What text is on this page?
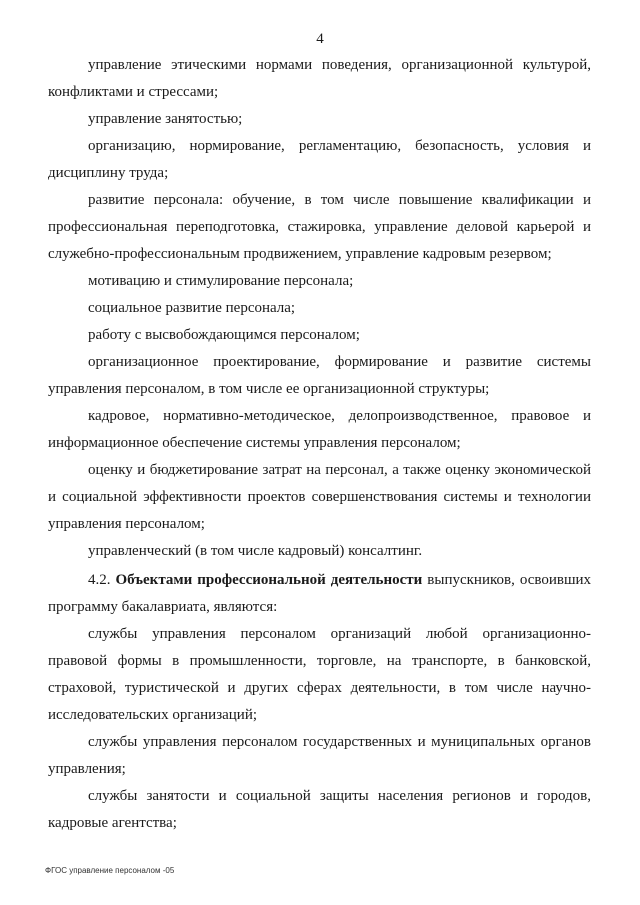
4

управление этическими нормами поведения, организационной культурой, конфликтами и стрессами;

управление занятостью;

организацию, нормирование, регламентацию, безопасность, условия и дисциплину труда;

развитие персонала: обучение, в том числе повышение квалификации и профессиональная переподготовка, стажировка, управление деловой карьерой и служебно-профессиональным продвижением, управление кадровым резервом;

мотивацию и стимулирование персонала;

социальное развитие персонала;

работу с высвобождающимся персоналом;

организационное проектирование, формирование и развитие системы управления персоналом, в том числе ее организационной структуры;

кадровое, нормативно-методическое, делопроизводственное, правовое и информационное обеспечение системы управления персоналом;

оценку и бюджетирование затрат на персонал, а также оценку экономической и социальной эффективности проектов совершенствования системы и технологии управления персоналом;

управленческий (в том числе кадровый) консалтинг.

4.2. Объектами профессиональной деятельности выпускников, освоивших программу бакалавриата, являются:

службы управления персоналом организаций любой организационно-правовой формы в промышленности, торговле, на транспорте, в банковской, страховой, туристической и других сферах деятельности, в том числе научно-исследовательских организаций;

службы управления персоналом государственных и муниципальных органов управления;

службы занятости и социальной защиты населения регионов и городов, кадровые агентства;

ФГОС управление персоналом -05
